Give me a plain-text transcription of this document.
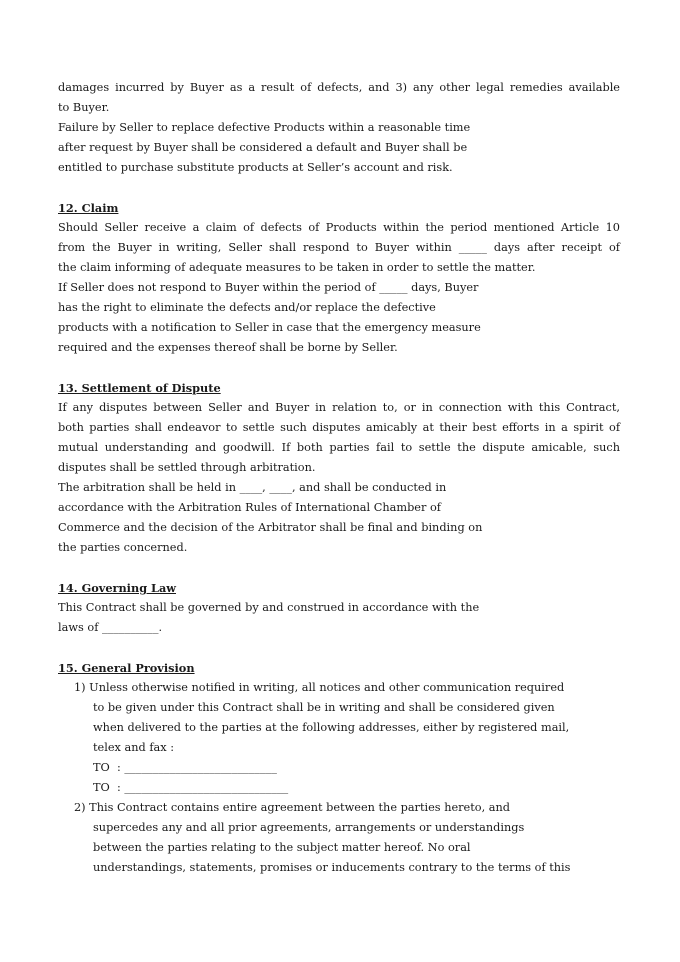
damages incurred by Buyer as a result of defects, and 3) any other legal remedies available
to Buyer.
Failure by Seller to replace defective Products within a reasonable time
after request by Buyer shall be considered a default and Buyer shall be
entitled to purchase substitute products at Seller’s account and risk.
12. Claim
Should Seller receive a claim of defects of Products within the period mentioned Article 10
from the Buyer in writing, Seller shall respond to Buyer within _____ days after receipt of
the claim informing of adequate measures to be taken in order to settle the matter.
If Seller does not respond to Buyer within the period of _____ days, Buyer
has the right to eliminate the defects and/or replace the defective
products with a notification to Seller in case that the emergency measure
required and the expenses thereof shall be borne by Seller.
13. Settlement of Dispute
If any disputes between Seller and Buyer in relation to, or in connection with this Contract,
both parties shall endeavor to settle such disputes amicably at their best efforts in a spirit of
mutual understanding and goodwill. If both parties fail to settle the dispute amicable, such
disputes shall be settled through arbitration.
The arbitration shall be held in ____, ____, and shall be conducted in
accordance with the Arbitration Rules of International Chamber of
Commerce and the decision of the Arbitrator shall be final and binding on
the parties concerned.
14. Governing Law
This Contract shall be governed by and construed in accordance with the
laws of __________.
15. General Provision
1) Unless otherwise notified in writing, all notices and other communication required
to be given under this Contract shall be in writing and shall be considered given
when delivered to the parties at the following addresses, either by registered mail,
telex and fax :
TO  : ___________________________
TO  : _____________________________
2) This Contract contains entire agreement between the parties hereto, and
supercedes any and all prior agreements, arrangements or understandings
between the parties relating to the subject matter hereof. No oral
understandings, statements, promises or inducements contrary to the terms of this
